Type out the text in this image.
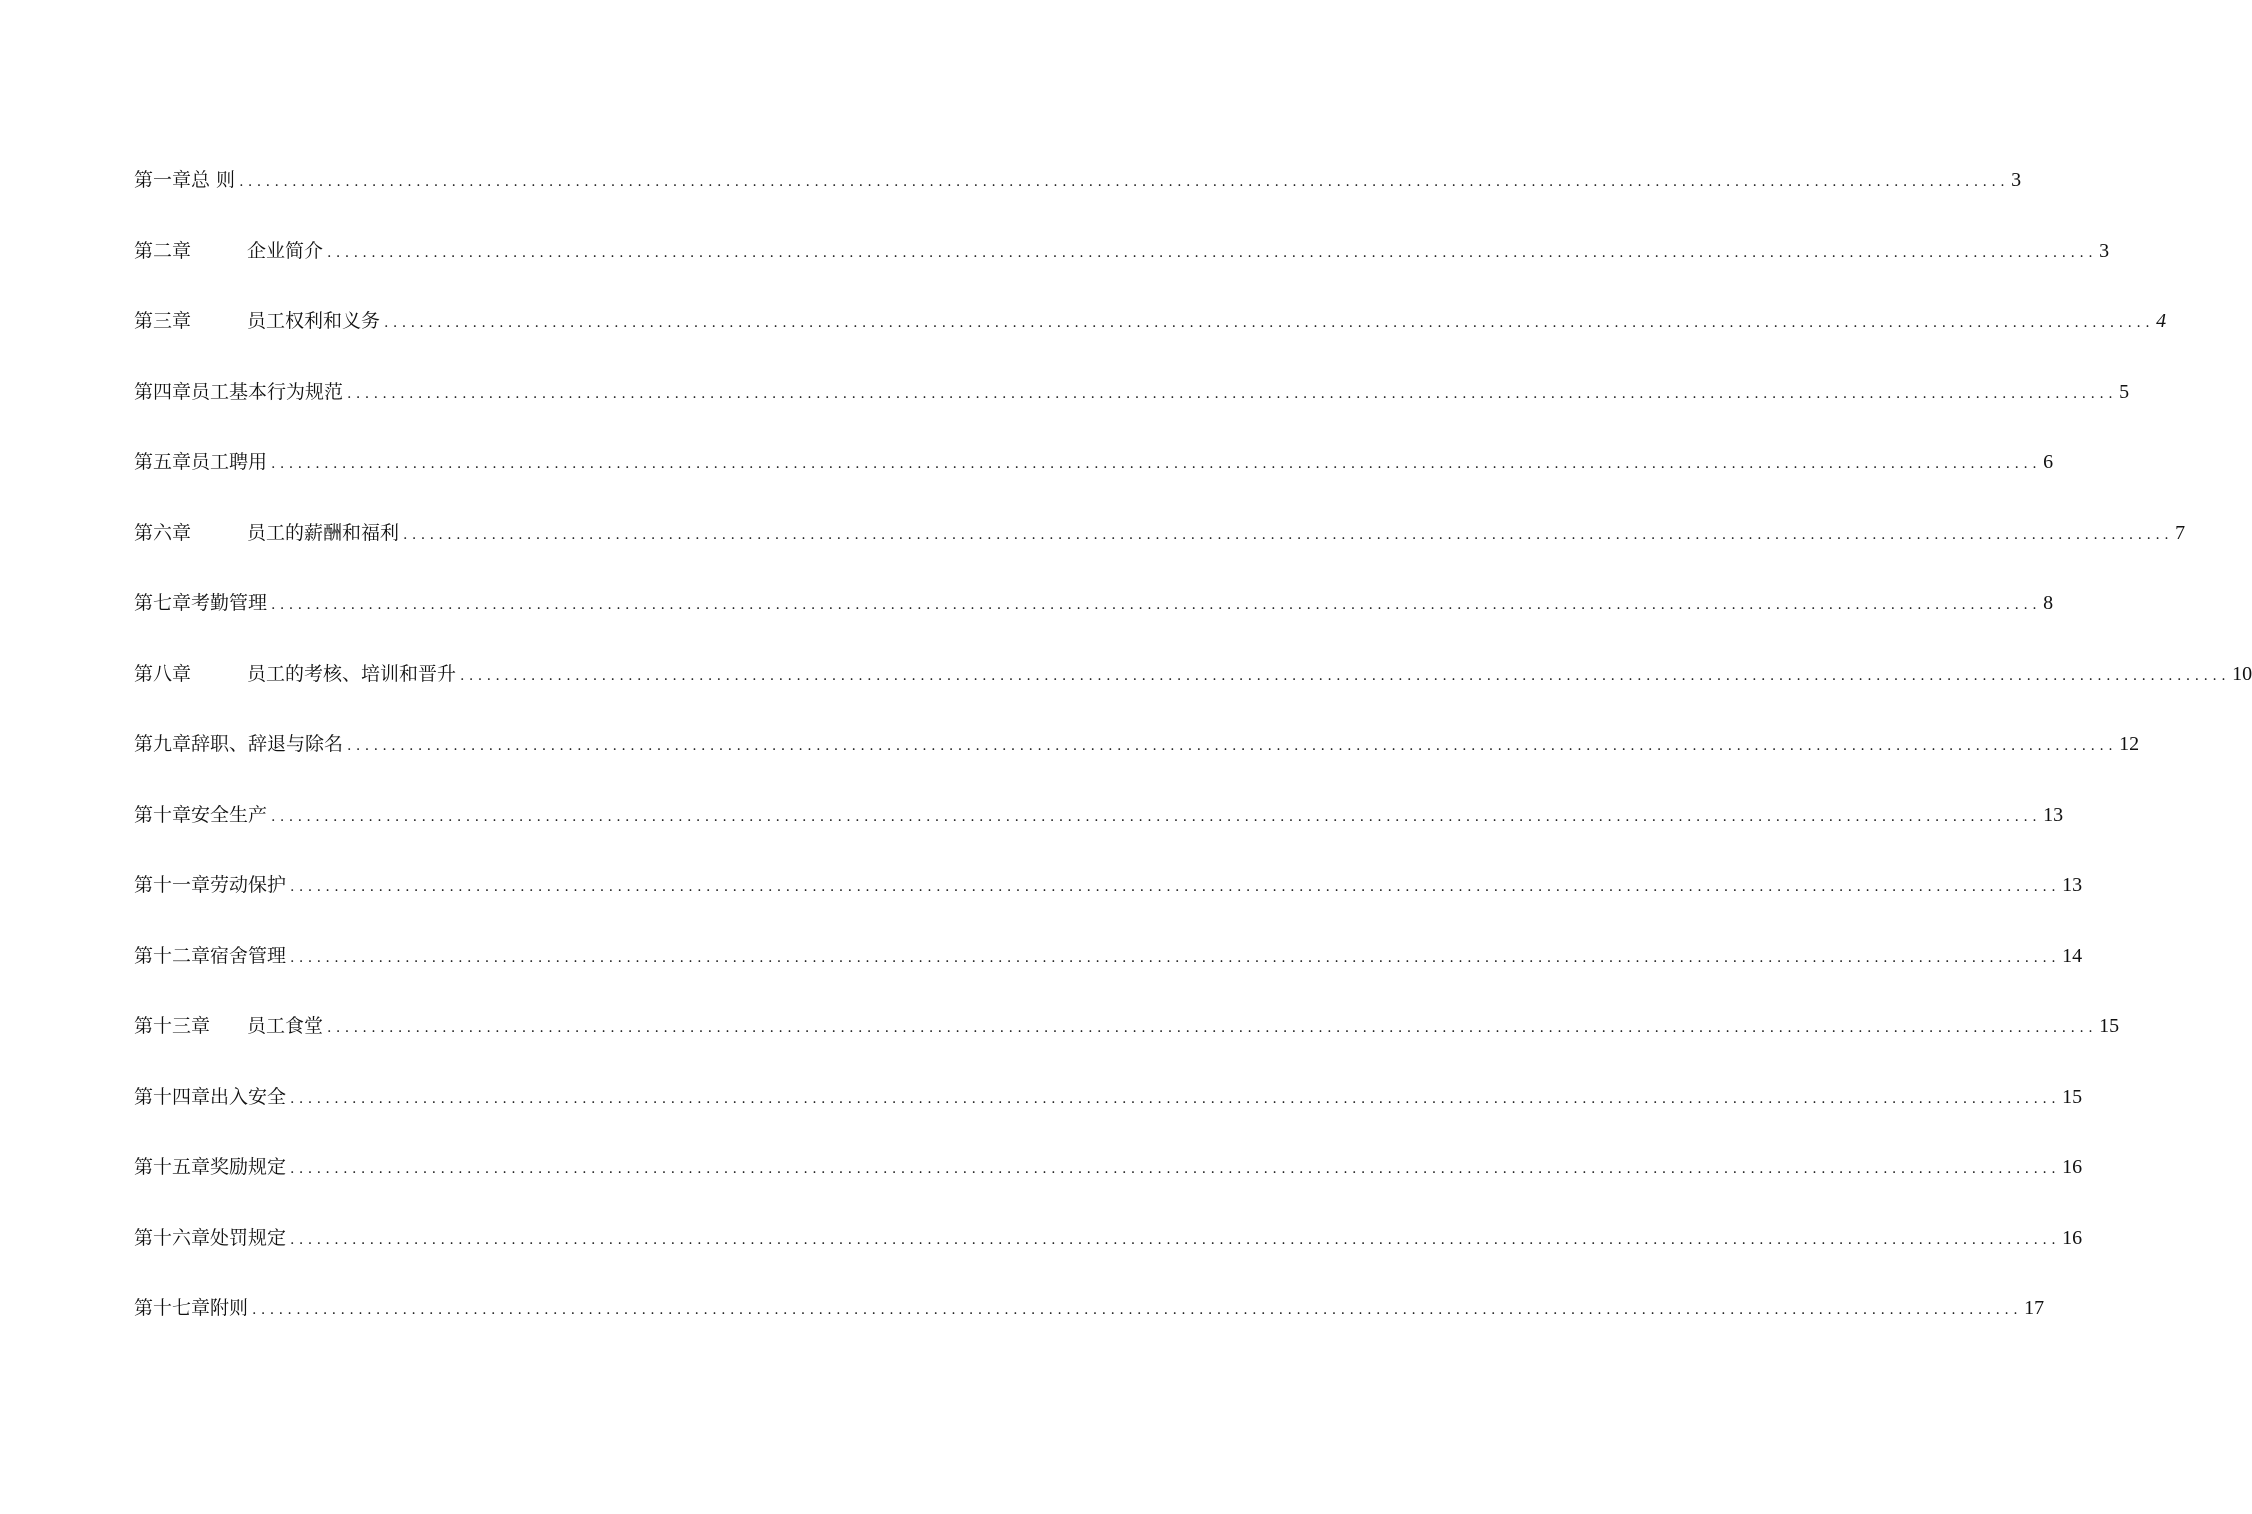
第一章 总 则 ........................................................................................................................................................................................................ 3
第二章	企业简介 ........................................................................................................................................................................................................ 3
第三章	员工权利和义务 ........................................................................................................................................................................................................ 4
第四章 员工基本行为规范 ........................................................................................................................................................................................................ 5
第五章 员工聘用 ........................................................................................................................................................................................................ 6
第六章	员工的薪酬和福利 ........................................................................................................................................................................................................ 7
第七章 考勤管理 ........................................................................................................................................................................................................ 8
第八章	员工的考核、培训和晋升 ........................................................................................................................................................................................................ 10
第九章 辞职、辞退与除名 ........................................................................................................................................................................................................ 12
第十章 安全生产 ........................................................................................................................................................................................................ 13
第十一章 劳动保护 ........................................................................................................................................................................................................ 13
第十二章 宿舍管理 ........................................................................................................................................................................................................ 14
第十三章	员工食堂 ........................................................................................................................................................................................................ 15
第十四章 出入安全 ........................................................................................................................................................................................................ 15
第十五章 奖励规定 ........................................................................................................................................................................................................ 16
第十六章 处罚规定 ........................................................................................................................................................................................................ 16
第十七章 附则 ........................................................................................................................................................................................................ 17
